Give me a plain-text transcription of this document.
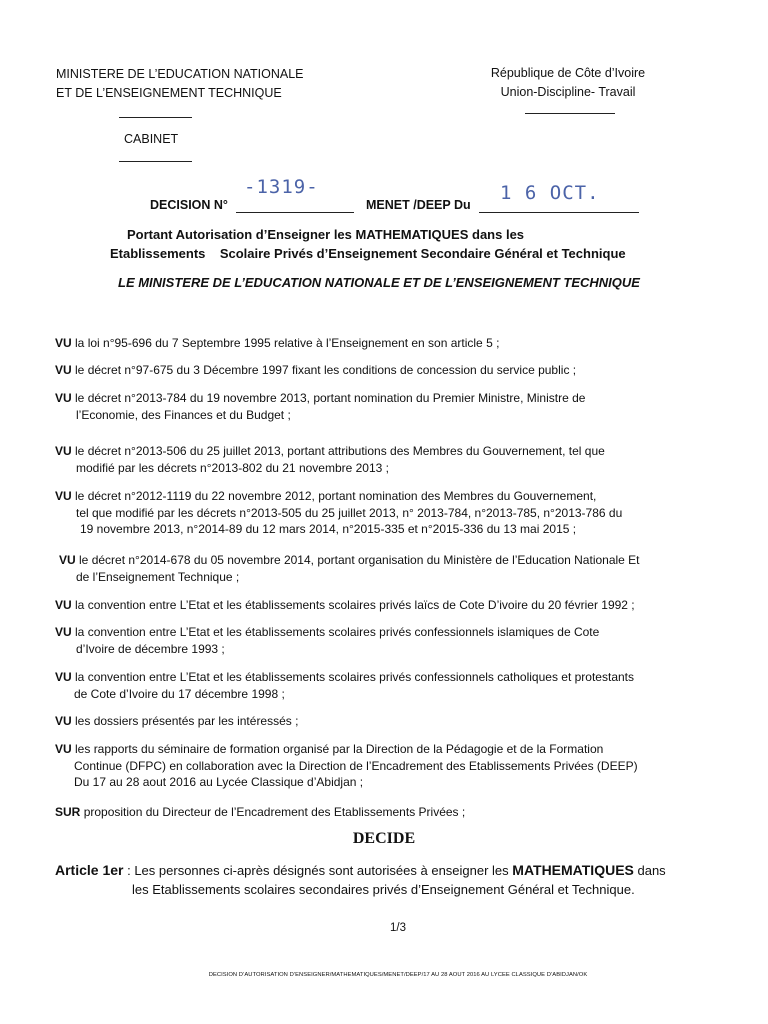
MINISTERE DE L’EDUCATION NATIONALE
ET DE L’ENSEIGNEMENT TECHNIQUE
CABINET
République de Côte d’Ivoire
Union-Discipline- Travail
DECISION N°
-1319-
MENET /DEEP Du
1 6 OCT.
Portant Autorisation d’Enseigner les MATHEMATIQUES dans les
Etablissements    Scolaire Privés d’Enseignement Secondaire Général et Technique
LE MINISTERE DE L’EDUCATION NATIONALE ET DE L’ENSEIGNEMENT TECHNIQUE
VU la loi n°95-696 du 7 Septembre 1995 relative à l’Enseignement en son article 5 ;
VU le décret n°97-675 du 3 Décembre 1997 fixant les conditions de concession du service public ;
VU le décret n°2013-784 du 19 novembre 2013, portant nomination du Premier Ministre, Ministre de
l’Economie, des Finances et du Budget ;
VU le décret n°2013-506 du 25 juillet 2013, portant attributions des Membres du Gouvernement, tel que
modifié par les décrets n°2013-802 du 21 novembre 2013 ;
VU le décret n°2012-1119 du 22 novembre 2012, portant nomination des Membres du Gouvernement,
tel que modifié par les décrets n°2013-505 du 25 juillet 2013, n° 2013-784, n°2013-785, n°2013-786 du
19 novembre 2013, n°2014-89 du 12 mars 2014, n°2015-335 et n°2015-336 du 13 mai 2015 ;
VU le décret n°2014-678 du 05 novembre 2014, portant organisation du Ministère de l’Education Nationale Et
de l’Enseignement Technique ;
VU la convention entre L’Etat et les établissements scolaires privés laïcs de Cote D’ivoire du 20 février 1992 ;
VU la convention entre L’Etat et les établissements scolaires privés confessionnels islamiques de Cote
d’Ivoire de décembre 1993 ;
VU la convention entre L’Etat et les établissements scolaires privés confessionnels catholiques et protestants
de Cote d’Ivoire du 17 décembre 1998 ;
VU les dossiers présentés par les intéressés ;
VU les rapports du séminaire de formation organisé par la Direction de la Pédagogie et de la Formation
Continue (DFPC) en collaboration avec la Direction de l’Encadrement des Etablissements Privées (DEEP)
Du 17 au 28 aout 2016 au Lycée Classique d’Abidjan ;
SUR proposition du Directeur de l’Encadrement des Etablissements Privées ;
DECIDE
Article 1er : Les personnes ci-après désignés sont autorisées à enseigner les MATHEMATIQUES dans
les Etablissements scolaires secondaires privés d’Enseignement Général et Technique.
1/3
DECISION D’AUTORISATION D’ENSEIGNER/MATHEMATIQUES/MENET/DEEP/17 AU 28 AOUT 2016 AU LYCEE CLASSIQUE D’ABIDJAN/OK
